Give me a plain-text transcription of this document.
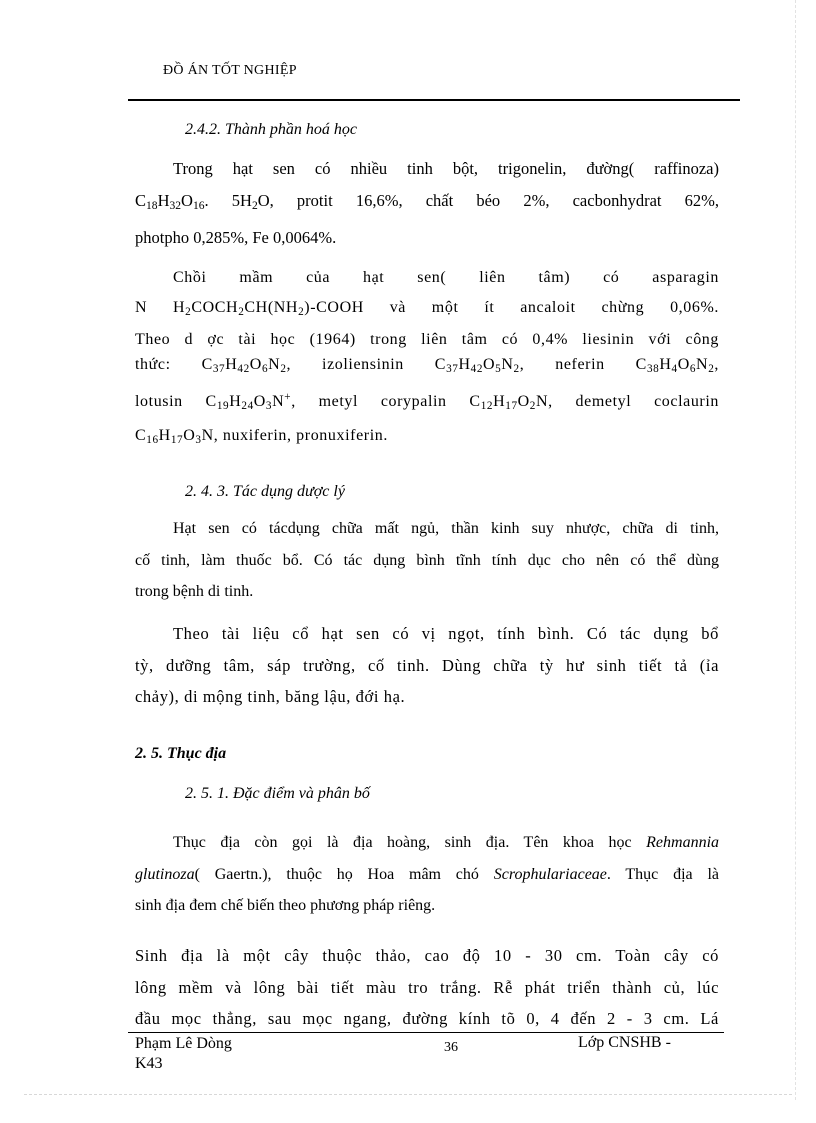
ĐỒ ÁN TỐT NGHIỆP
2.4.2. Thành phần hoá học
Trong hạt sen có nhiều tinh bột, trigonelin, đường( raffinoza)
$C_{18}H_{32}O_{16}$. $5H_2O$, protit 16,6%, chất béo 2%, cacbonhydrat 62%,
photpho 0,285%, Fe 0,0064%.
Chồi mầm của hạt sen( liên tâm) có asparagin
N $H_2COCH_2CH(NH_2)$-COOH và một ít ancaloit chừng 0,06%.
Theo d ợc tài học (1964) trong liên tâm có 0,4% liesinin với công
thức: $C_{37}H_{42}O_6N_2$, izoliensinin $C_{37}H_{42}O_5N_2$, neferin $C_{38}H_4O_6N_2$,
lotusin $C_{19}H_{24}O_3N^+$, metyl corypalin $C_{12}H_{17}O_2N$, demetyl coclaurin
$C_{16}H_{17}O_3N$, nuxiferin, pronuxiferin.
2. 4. 3. Tác dụng dược lý
Hạt sen có tácdụng chữa mất ngủ, thần kinh suy nhược, chữa di tinh,
cố tinh, làm thuốc bổ. Có tác dụng bình tĩnh tính dục cho nên có thể dùng
trong bệnh di tinh.
Theo tài liệu cổ hạt sen có vị ngọt, tính bình. Có tác dụng bổ
tỳ, dưỡng tâm, sáp trường, cố tinh. Dùng chữa tỳ hư sinh tiết tả (ỉa
chảy), di mộng tinh, băng lậu, đới hạ.
2. 5. Thục địa
2. 5. 1. Đặc điểm và phân bố
Thục địa còn gọi là địa hoàng, sinh địa. Tên khoa học Rehmannia
glutinoza( Gaertn.), thuộc họ Hoa mâm chó Scrophulariaceae. Thục địa là
sinh địa đem chế biến theo phương pháp riêng.
Sinh địa là một cây thuộc thảo, cao độ 10 - 30 cm. Toàn cây có
lông mềm và lông bài tiết màu tro trắng. Rễ phát triển thành củ, lúc
đầu mọc thẳng, sau mọc ngang, đường kính tõ 0, 4 đến 2 - 3 cm. Lá
Phạm Lê Dòng
K43
36	Lớp CNSHB -
